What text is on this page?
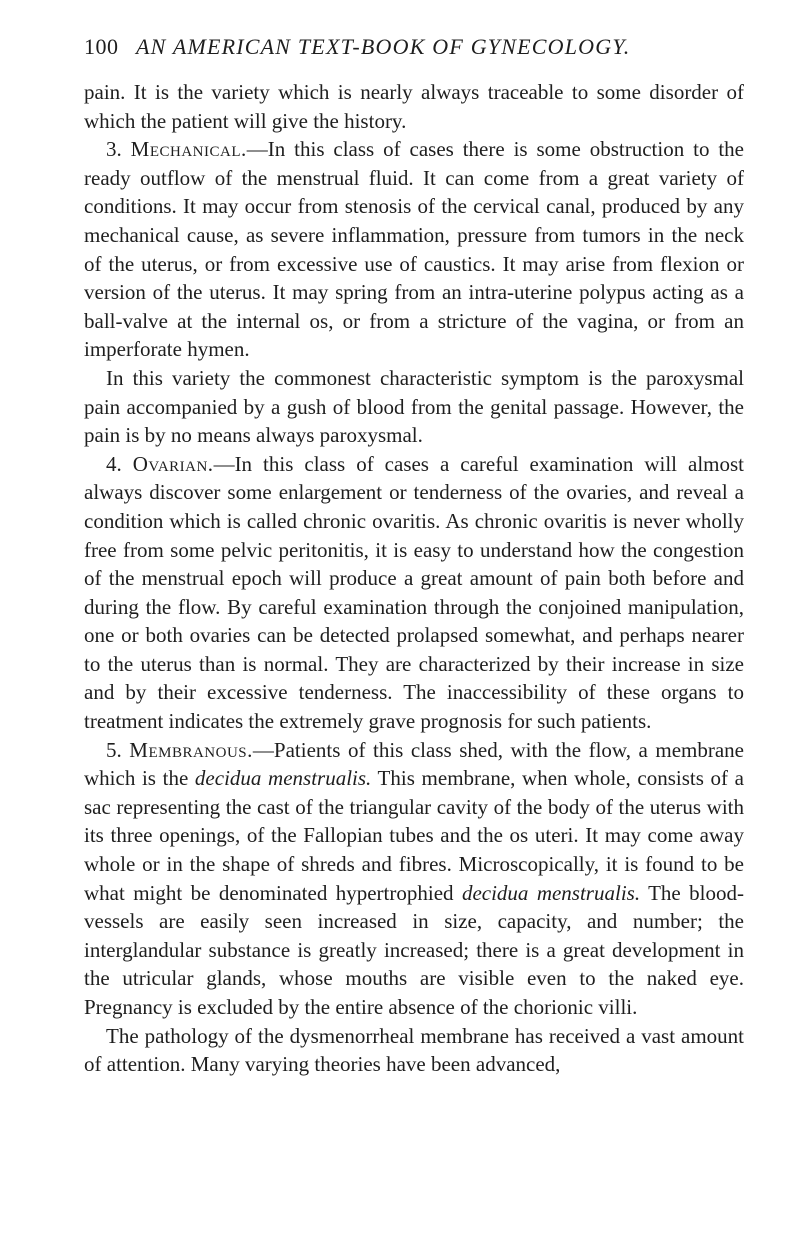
100 AN AMERICAN TEXT-BOOK OF GYNECOLOGY.

pain. It is the variety which is nearly always traceable to some disorder of which the patient will give the history.

3. Mechanical.—In this class of cases there is some obstruction to the ready outflow of the menstrual fluid. It can come from a great variety of conditions. It may occur from stenosis of the cervical canal, produced by any mechanical cause, as severe inflammation, pressure from tumors in the neck of the uterus, or from excessive use of caustics. It may arise from flexion or version of the uterus. It may spring from an intra-uterine polypus acting as a ball-valve at the internal os, or from a stricture of the vagina, or from an imperforate hymen.

In this variety the commonest characteristic symptom is the paroxysmal pain accompanied by a gush of blood from the genital passage. However, the pain is by no means always paroxysmal.

4. Ovarian.—In this class of cases a careful examination will almost always discover some enlargement or tenderness of the ovaries, and reveal a condition which is called chronic ovaritis. As chronic ovaritis is never wholly free from some pelvic peritonitis, it is easy to understand how the congestion of the menstrual epoch will produce a great amount of pain both before and during the flow. By careful examination through the conjoined manipulation, one or both ovaries can be detected prolapsed somewhat, and perhaps nearer to the uterus than is normal. They are characterized by their increase in size and by their excessive tenderness. The inaccessibility of these organs to treatment indicates the extremely grave prognosis for such patients.

5. Membranous.—Patients of this class shed, with the flow, a membrane which is the decidua menstrualis. This membrane, when whole, consists of a sac representing the cast of the triangular cavity of the body of the uterus with its three openings, of the Fallopian tubes and the os uteri. It may come away whole or in the shape of shreds and fibres. Microscopically, it is found to be what might be denominated hypertrophied decidua menstrualis. The blood-vessels are easily seen increased in size, capacity, and number; the interglandular substance is greatly increased; there is a great development in the utricular glands, whose mouths are visible even to the naked eye. Pregnancy is excluded by the entire absence of the chorionic villi.

The pathology of the dysmenorrheal membrane has received a vast amount of attention. Many varying theories have been advanced,
